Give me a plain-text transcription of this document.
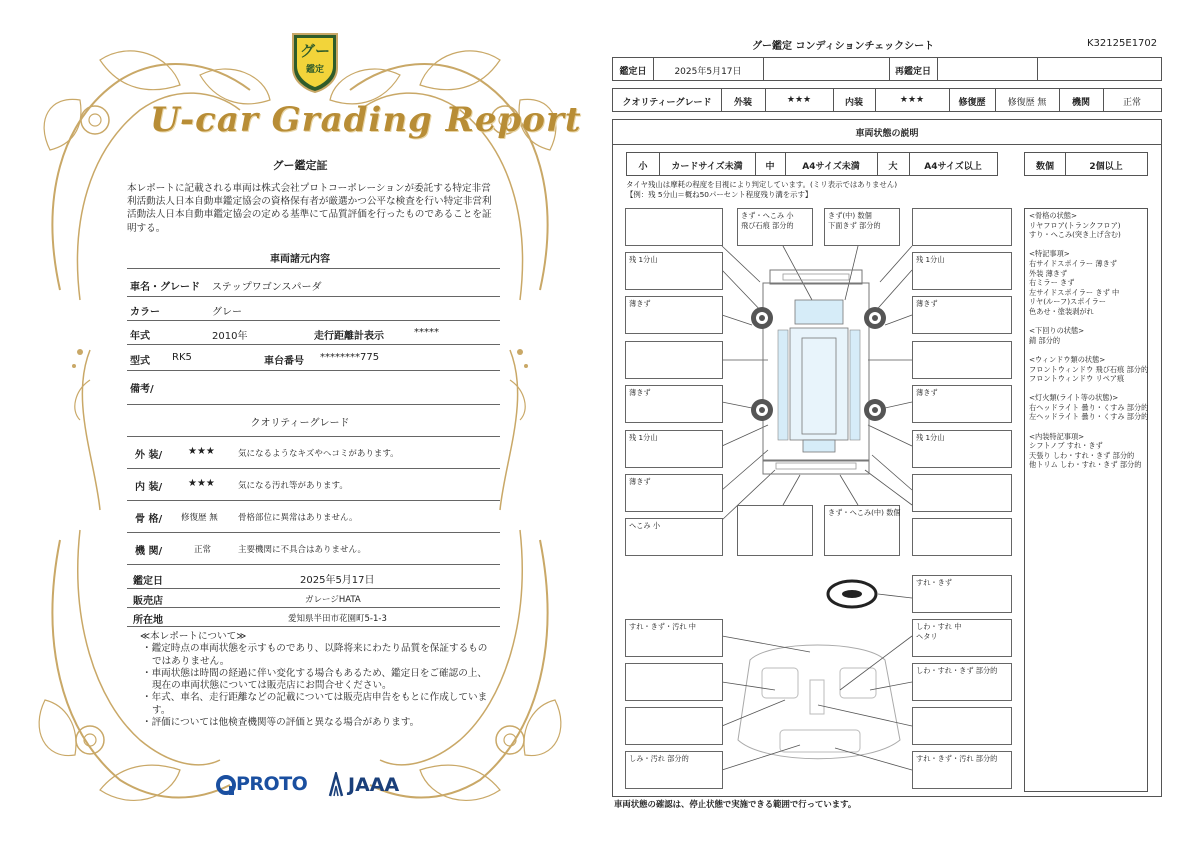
グー
鑑定
U-car Grading Report
グー鑑定証
本レポートに記載される車両は株式会社プロトコーポレーションが委託する特定非営利活動法人日本自動車鑑定協会の資格保有者が厳選かつ公平な検査を行い特定非営利活動法人日本自動車鑑定協会の定める基準にて品質評価を行ったものであることを証明する。
車両諸元内容
車名・グレード ステップワゴンスパーダ
カラー	グレー
年式	2010年	走行距離計表示	*****
型式 RK5	車台番号 ********775
備考/
クオリティーグレード
外 装/	★★★	気になるようなキズやヘコミがあります。
内 装/	★★★	気になる汚れ等があります。
骨 格/ 修復歴 無 骨格部位に異常はありません。
機 関/	正常	主要機関に不具合はありません。
鑑定日	2025年5月17日
販売店	ガレージHATA
所在地	愛知県半田市花園町5-1-3
≪本レポートについて≫
・鑑定時点の車両状態を示すものであり、以降将来にわたり品質を保証するものではありません。
・車両状態は時間の経過に伴い変化する場合もあるため、鑑定日をご確認の上、現在の車両状態については販売店にお問合せください。
・年式、車名、走行距離などの記載については販売店申告をもとに作成しています。
・評価については他検査機関等の評価と異なる場合があります。
PROTO JAAA
グー鑑定 コンディションチェックシート	K32125E1702
鑑定日	2025年5月17日	再鑑定日
クオリティーグレード	外装	★★★	内装	★★★	修復歴	修復歴 無	機関	正常
車両状態の説明
小	カードサイズ未満	中	A4サイズ未満	大	A4サイズ以上	数個	2個以上
タイヤ残山は摩耗の程度を目視により判定しています。(ミリ表示ではありません)
【例：残 5分山＝概ね50パーセント程度残り溝を示す】
きず・へこみ 小
飛び石痕 部分的
きず(中) 数個
下面きず 部分的
残 1分山	残 1分山
薄きず	薄きず
薄きず	薄きず
残 1分山	残 1分山
薄きず
へこみ 小
きず・へこみ(中) 数個
<骨格の状態>
リヤフロア(トランクフロア)
すり・へこみ(突き上げ含む)
<特記事項>
右サイドスポイラー 薄きず
外装 薄きず
右ミラー きず
左サイドスポイラー きず 中
リヤ(ルーフ)スポイラー
色あせ・塗装剥がれ
<下回りの状態>
錆 部分的
<ウィンドウ類の状態>
フロントウィンドウ 飛び石痕 部分的
フロントウィンドウ リペア痕
<灯火類(ライト等の状態)>
右ヘッドライト 曇り・くすみ 部分的
左ヘッドライト 曇り・くすみ 部分的
<内装特記事項>
シフトノブ すれ・きず
天張り しわ・すれ・きず 部分的
他トリム しわ・すれ・きず 部分的
すれ・きず
すれ・きず・汚れ 中	しわ・すれ 中
ヘタリ
しわ・すれ・きず 部分的
しみ・汚れ 部分的	すれ・きず・汚れ 部分的
車両状態の確認は、停止状態で実施できる範囲で行っています。
